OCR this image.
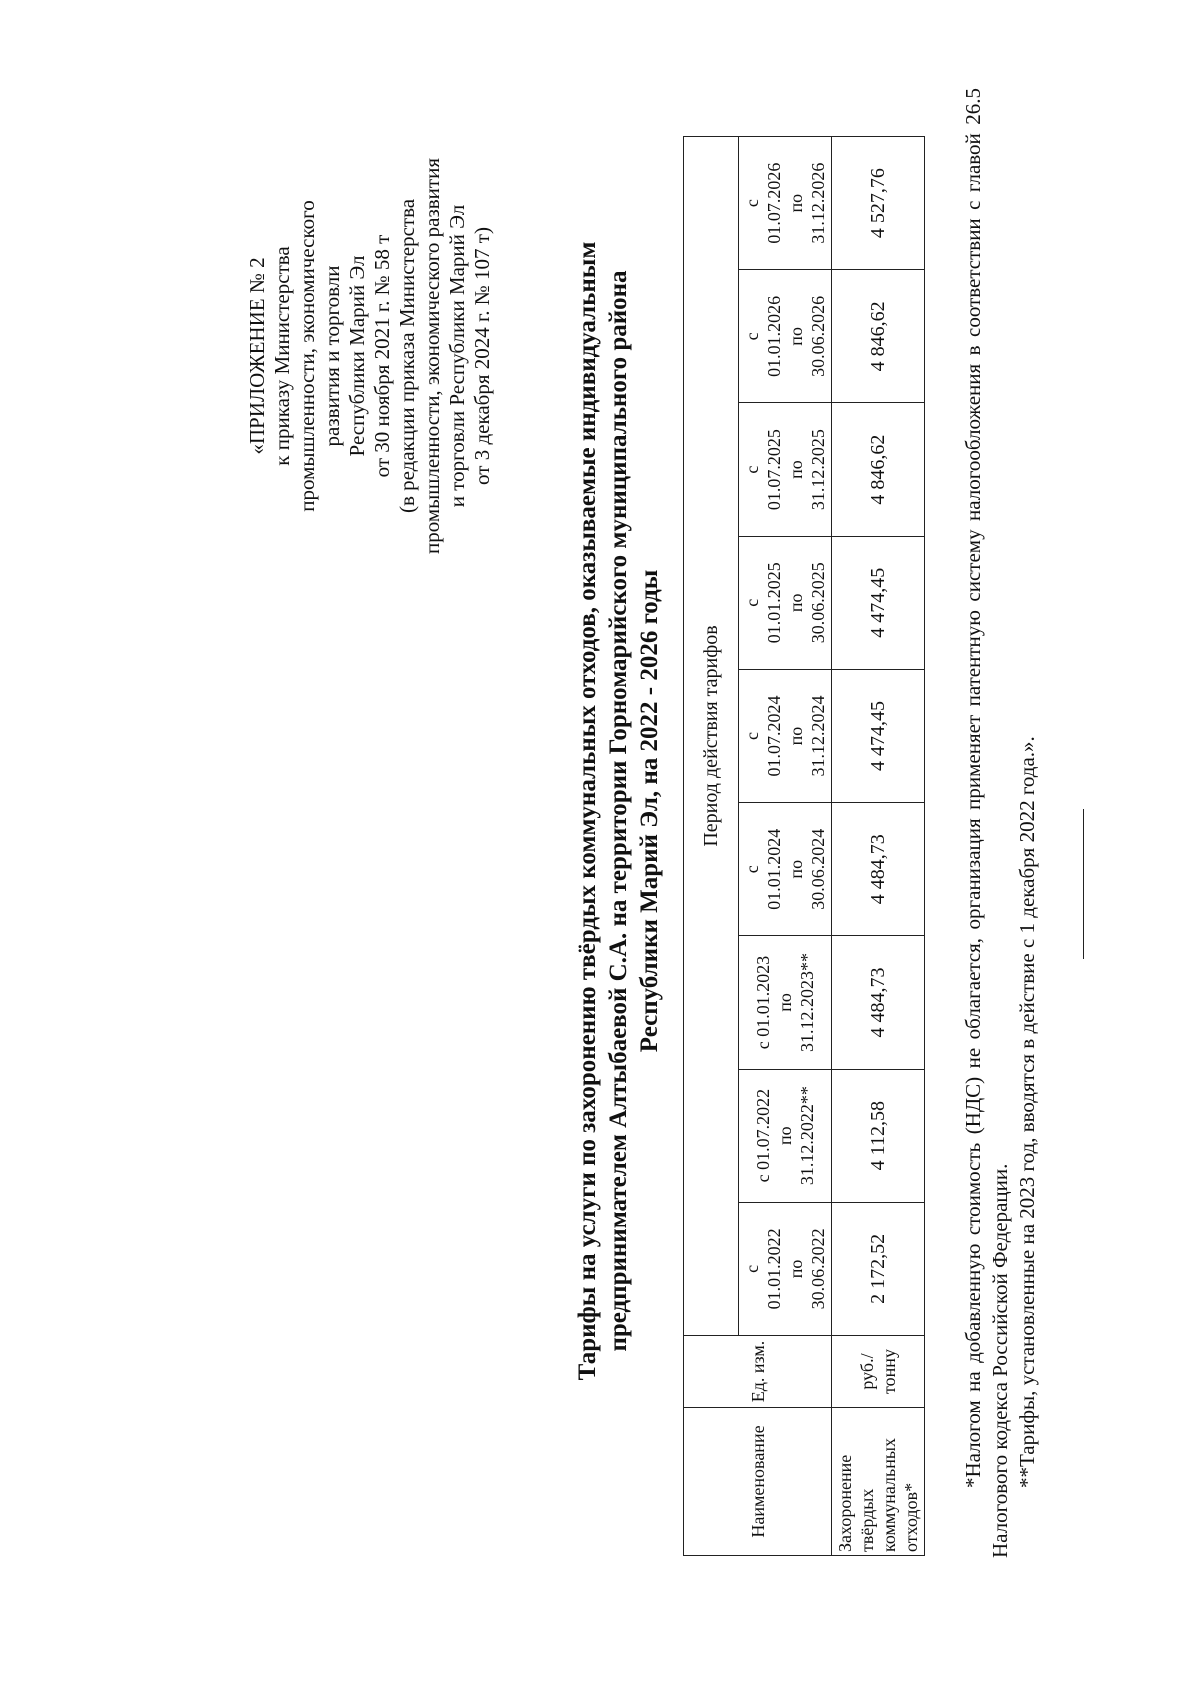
«ПРИЛОЖЕНИЕ № 2 к приказу Министерства промышленности, экономического развития и торговли Республики Марий Эл от 30 ноября 2021 г. № 58 т (в редакции приказа Министерства промышленности, экономического развития и торговли Республики Марий Эл от 3 декабря 2024 г. № 107 т)	Тарифы на услуги по захоронению твёрдых коммунальных отходов, оказываемые индивидуальным предпринимателем Алтыбаевой С.А. на территории Горномарийского муниципального района Республики Марий Эл, на 2022 - 2026 годы
Наименование	Ед. изм.	Период действия тарифов								

		с 01.01.2022 по 30.06.2022	с 01.07.2022 по 31.12.2022**	с 01.01.2023 по 31.12.2023**	с 01.01.2024 по 30.06.2024	с 01.07.2024 по 31.12.2024	с 01.01.2025 по 30.06.2025	с 01.07.2025 по 31.12.2025	с 01.01.2026 по 30.06.2026	с 01.07.2026 по 31.12.2026

Захоронение твёрдых коммунальных отходов*	руб./ тонну	2 172,52	4 112,58	4 484,73	4 484,73	4 474,45	4 474,45	4 846,62	4 846,62	4 527,76	*Налогом на добавленную стоимость (НДС) не облагается, организация применяет патентную систему налогообложения в соответствии с главой 26.5 Налогового кодекса Российской Федерации. **Тарифы, установленные на 2023 год, вводятся в действие с 1 декабря 2022 года.».
